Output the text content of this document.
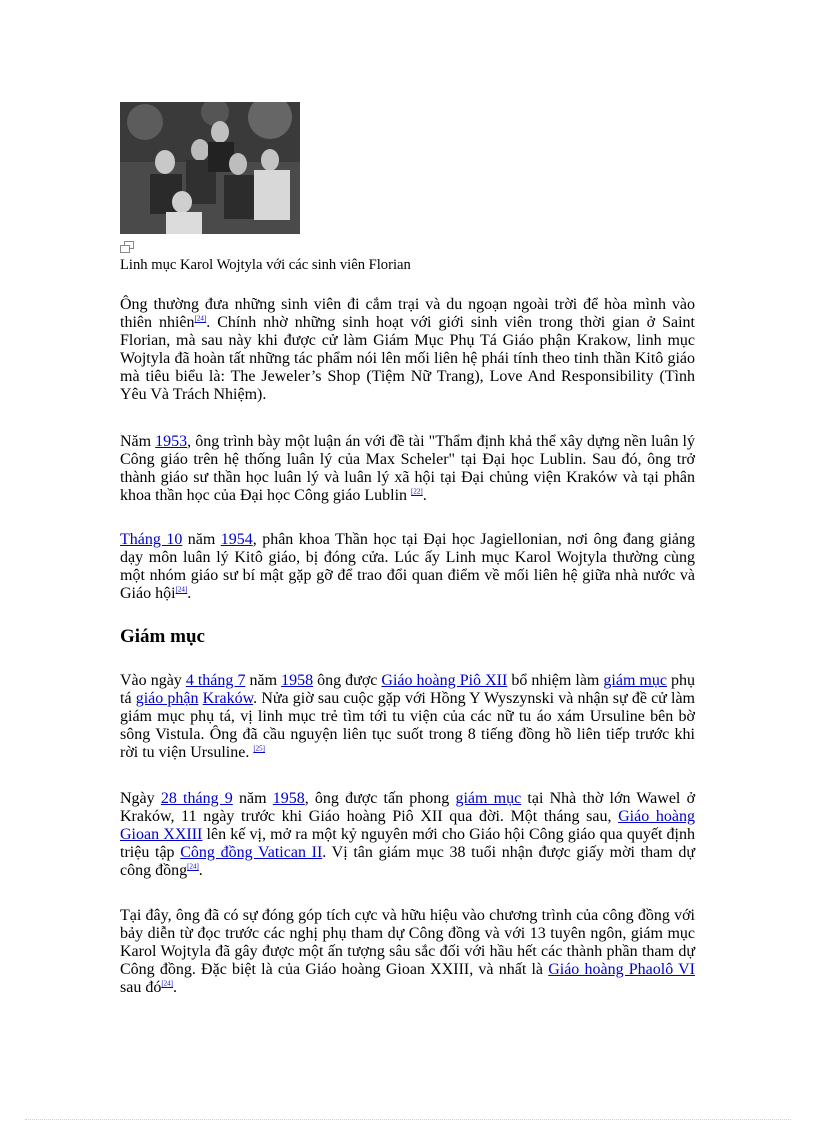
Linh mục Karol Wojtyla với các sinh viên Florian

Ông thường đưa những sinh viên đi cắm trại và du ngoạn ngoài trời để hòa mình vào thiên nhiên[24]. Chính nhờ những sinh hoạt với giới sinh viên trong thời gian ở Saint Florian, mà sau này khi được cử làm Giám Mục Phụ Tá Giáo phận Krakow, linh mục Wojtyla đã hoàn tất những tác phẩm nói lên mối liên hệ phái tính theo tinh thần Kitô giáo mà tiêu biểu là: The Jeweler’s Shop (Tiệm Nữ Trang), Love And Responsibility (Tình Yêu Và Trách Nhiệm).

Năm 1953, ông trình bày một luận án với đề tài "Thẩm định khả thể xây dựng nền luân lý Công giáo trên hệ thống luân lý của Max Scheler" tại Đại học Lublin. Sau đó, ông trở thành giáo sư thần học luân lý và luân lý xã hội tại Đại chủng viện Kraków và tại phân khoa thần học của Đại học Công giáo Lublin [22].

Tháng 10 năm 1954, phân khoa Thần học tại Đại học Jagiellonian, nơi ông đang giảng dạy môn luân lý Kitô giáo, bị đóng cửa. Lúc ấy Linh mục Karol Wojtyla thường cùng một nhóm giáo sư bí mật gặp gỡ để trao đổi quan điểm về mối liên hệ giữa nhà nước và Giáo hội[24].

Giám mục

Vào ngày 4 tháng 7 năm 1958 ông được Giáo hoàng Piô XII bổ nhiệm làm giám mục phụ tá giáo phận Kraków. Nửa giờ sau cuộc gặp với Hồng Y Wyszynski và nhận sự đề cử làm giám mục phụ tá, vị linh mục trẻ tìm tới tu viện của các nữ tu áo xám Ursuline bên bờ sông Vistula. Ông đã cầu nguyện liên tục suốt trong 8 tiếng đồng hồ liên tiếp trước khi rời tu viện Ursuline. [25]

Ngày 28 tháng 9 năm 1958, ông được tấn phong giám mục tại Nhà thờ lớn Wawel ở Kraków, 11 ngày trước khi Giáo hoàng Piô XII qua đời. Một tháng sau, Giáo hoàng Gioan XXIII lên kế vị, mở ra một kỷ nguyên mới cho Giáo hội Công giáo qua quyết định triệu tập Công đồng Vatican II. Vị tân giám mục 38 tuổi nhận được giấy mời tham dự công đồng[24].

Tại đây, ông đã có sự đóng góp tích cực và hữu hiệu vào chương trình của công đồng với bảy diễn từ đọc trước các nghị phụ tham dự Công đồng và với 13 tuyên ngôn, giám mục Karol Wojtyla đã gây được một ấn tượng sâu sắc đối với hầu hết các thành phần tham dự Công đồng. Đặc biệt là của Giáo hoàng Gioan XXIII, và nhất là Giáo hoàng Phaolô VI sau đó[24].
